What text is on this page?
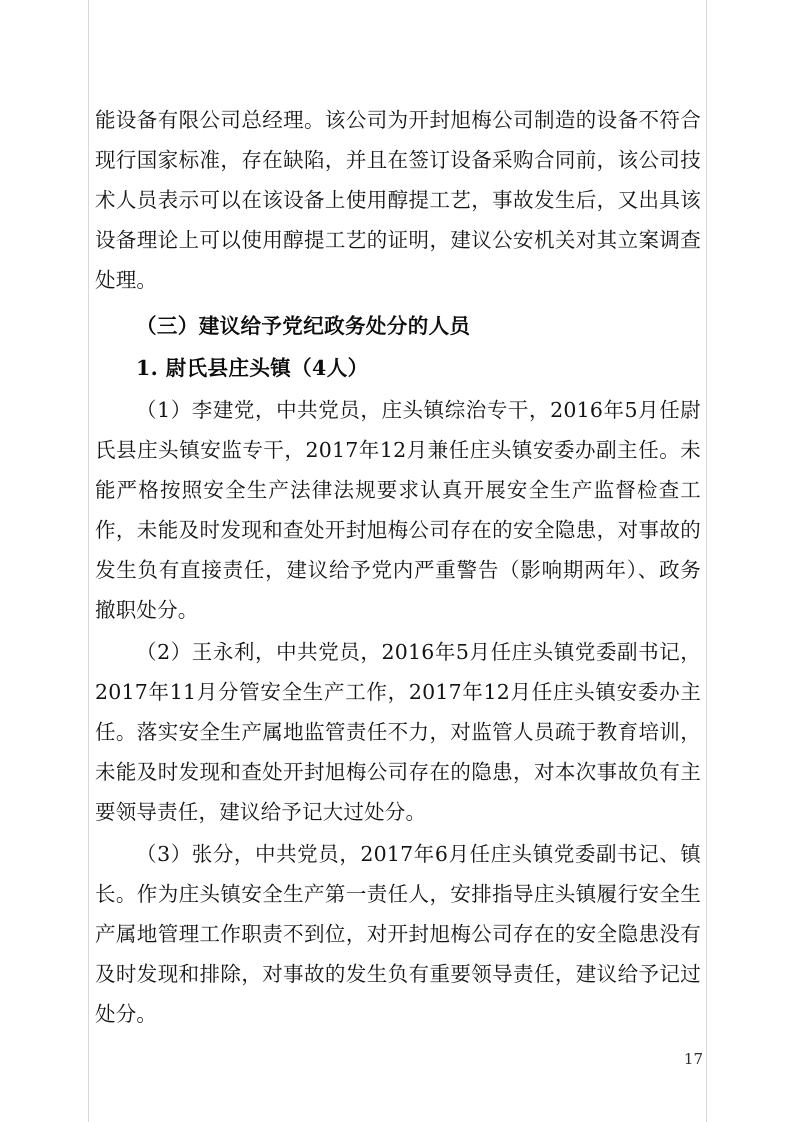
能设备有限公司总经理。该公司为开封旭梅公司制造的设备不符合现行国家标准，存在缺陷，并且在签订设备采购合同前，该公司技术人员表示可以在该设备上使用醇提工艺，事故发生后，又出具该设备理论上可以使用醇提工艺的证明，建议公安机关对其立案调查处理。

（三）建议给予党纪政务处分的人员

1. 尉氏县庄头镇（4人）

（1）李建党，中共党员，庄头镇综治专干，2016年5月任尉氏县庄头镇安监专干，2017年12月兼任庄头镇安委办副主任。未能严格按照安全生产法律法规要求认真开展安全生产监督检查工作，未能及时发现和查处开封旭梅公司存在的安全隐患，对事故的发生负有直接责任，建议给予党内严重警告（影响期两年）、政务撤职处分。

（2）王永利，中共党员，2016年5月任庄头镇党委副书记，2017年11月分管安全生产工作，2017年12月任庄头镇安委办主任。落实安全生产属地监管责任不力，对监管人员疏于教育培训，未能及时发现和查处开封旭梅公司存在的隐患，对本次事故负有主要领导责任，建议给予记大过处分。

（3）张分，中共党员，2017年6月任庄头镇党委副书记、镇长。作为庄头镇安全生产第一责任人，安排指导庄头镇履行安全生产属地管理工作职责不到位，对开封旭梅公司存在的安全隐患没有及时发现和排除，对事故的发生负有重要领导责任，建议给予记过处分。

17
